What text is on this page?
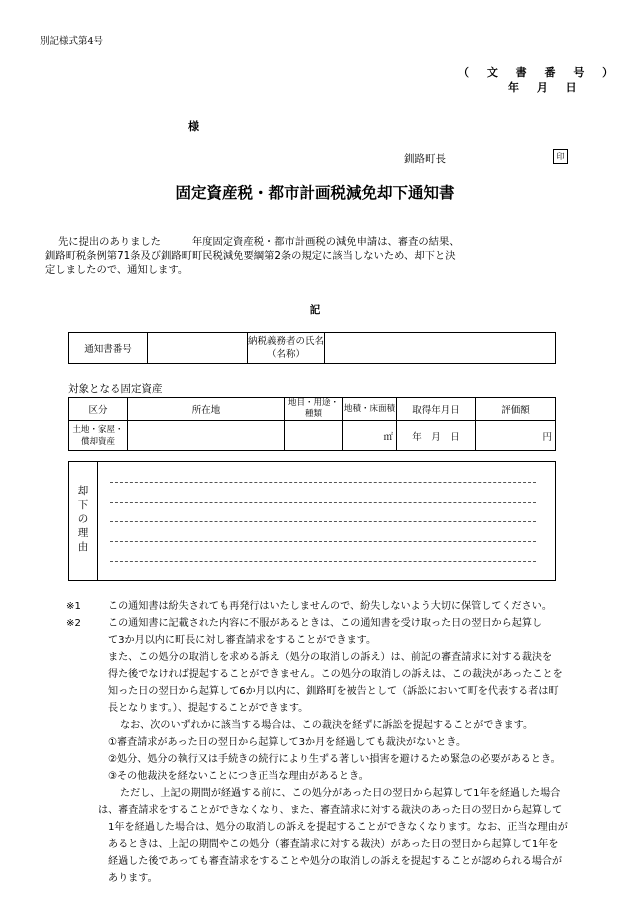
別記様式第4号
（ 文 書 番 号 ）
年 月 日
様
釧路町長	印
固定資産税・都市計画税減免却下通知書

先に提出のありました　　　年度固定資産税・都市計画税の減免申請は、審査の結果、

釧路町税条例第71条及び釧路町町民税減免要綱第2条の規定に該当しないため、却下と決

定しましたので、通知します。

記
通知書番号		納税義務者の氏名（名称）	
対象となる固定資産
区分	所在地	地目・用途・種類	地積・床面積	取得年月日	評価額
土地・家屋・償却資産			㎡	年　月　日	円
却
下
の
理
由

※1	この通知書は紛失されても再発行はいたしませんので、紛失しないよう大切に保管してください。

※2	この通知書に記載された内容に不服があるときは、この通知書を受け取った日の翌日から起算し

て3か月以内に町長に対し審査請求をすることができます。

また、この処分の取消しを求める訴え（処分の取消しの訴え）は、前記の審査請求に対する裁決を

得た後でなければ提起することができません。この処分の取消しの訴えは、この裁決があったことを

知った日の翌日から起算して6か月以内に、釧路町を被告として（訴訟において町を代表する者は町

長となります。）、提起することができます。

なお、次のいずれかに該当する場合は、この裁決を経ずに訴訟を提起することができます。

①審査請求があった日の翌日から起算して3か月を経過しても裁決がないとき。

②処分、処分の執行又は手続きの続行により生ずる著しい損害を避けるため緊急の必要があるとき。

③その他裁決を経ないことにつき正当な理由があるとき。

ただし、上記の期間が経過する前に、この処分があった日の翌日から起算して1年を経過した場合

は、審査請求をすることができなくなり、また、審査請求に対する裁決のあった日の翌日から起算して

1年を経過した場合は、処分の取消しの訴えを提起することができなくなります。なお、正当な理由が

あるときは、上記の期間やこの処分（審査請求に対する裁決）があった日の翌日から起算して1年を

経過した後であっても審査請求をすることや処分の取消しの訴えを提起することが認められる場合が

あります。
